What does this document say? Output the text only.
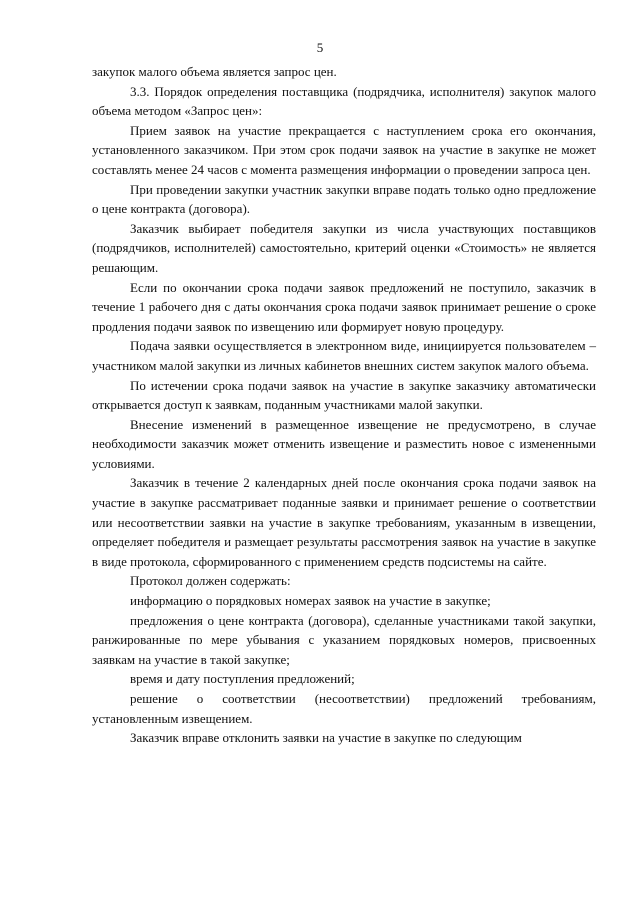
5

закупок малого объема является запрос цен.

3.3. Порядок определения поставщика (подрядчика, исполнителя) закупок малого объема методом «Запрос цен»:

Прием заявок на участие прекращается с наступлением срока его окончания, установленного заказчиком. При этом срок подачи заявок на участие в закупке не может составлять менее 24 часов с момента размещения информации о проведении запроса цен.

При проведении закупки участник закупки вправе подать только одно предложение о цене контракта (договора).

Заказчик выбирает победителя закупки из числа участвующих поставщиков (подрядчиков, исполнителей) самостоятельно, критерий оценки «Стоимость» не является решающим.

Если по окончании срока подачи заявок предложений не поступило, заказчик в течение 1 рабочего дня с даты окончания срока подачи заявок принимает решение о сроке продления подачи заявок по извещению или формирует новую процедуру.

Подача заявки осуществляется в электронном виде, инициируется пользователем – участником малой закупки из личных кабинетов внешних систем закупок малого объема.

По истечении срока подачи заявок на участие в закупке заказчику автоматически открывается доступ к заявкам, поданным участниками малой закупки.

Внесение изменений в размещенное извещение не предусмотрено, в случае необходимости заказчик может отменить извещение и разместить новое с измененными условиями.

Заказчик в течение 2 календарных дней после окончания срока подачи заявок на участие в закупке рассматривает поданные заявки и принимает решение о соответствии или несоответствии заявки на участие в закупке требованиям, указанным в извещении, определяет победителя и размещает результаты рассмотрения заявок на участие в закупке в виде протокола, сформированного с применением средств подсистемы на сайте.

Протокол должен содержать:

информацию о порядковых номерах заявок на участие в закупке;

предложения о цене контракта (договора), сделанные участниками такой закупки, ранжированные по мере убывания с указанием порядковых номеров, присвоенных заявкам на участие в такой закупке;

время и дату поступления предложений;

решение о соответствии (несоответствии) предложений требованиям, установленным извещением.

Заказчик вправе отклонить заявки на участие в закупке по следующим
